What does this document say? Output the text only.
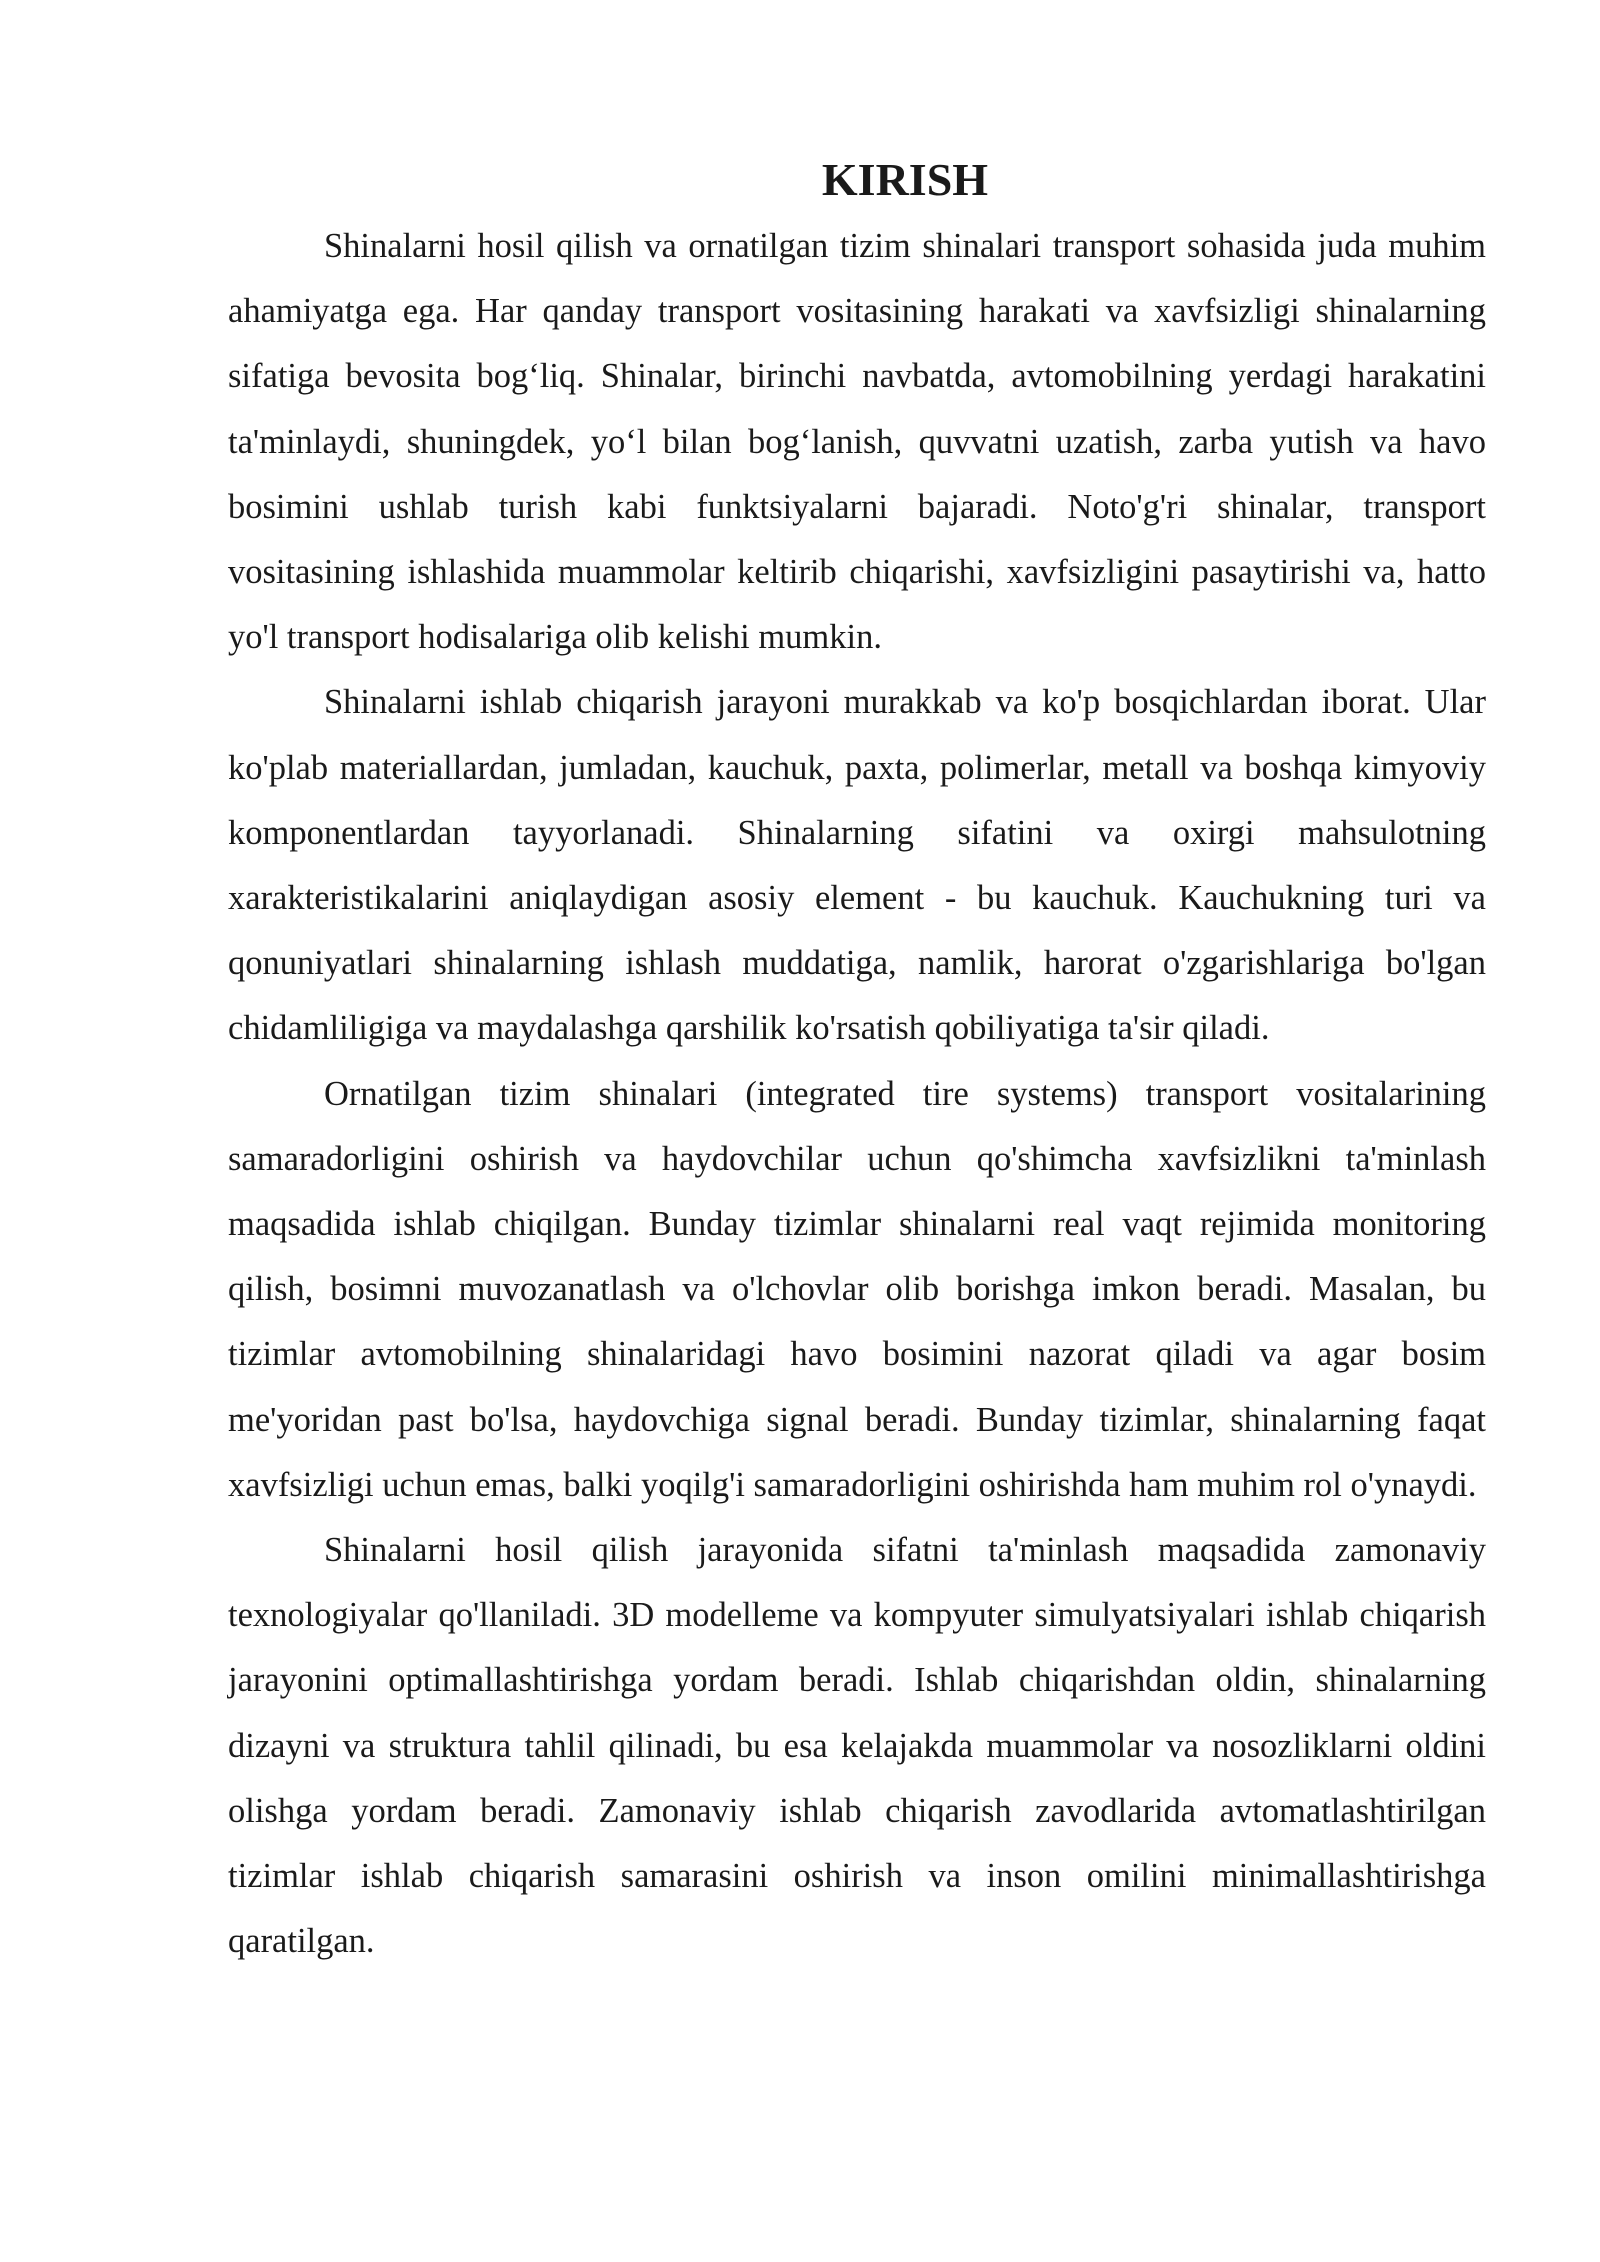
KIRISH

Shinalarni hosil qilish va ornatilgan tizim shinalari transport sohasida juda muhim ahamiyatga ega. Har qanday transport vositasining harakati va xavfsizligi shinalarning sifatiga bevosita bog‘liq. Shinalar, birinchi navbatda, avtomobilning yerdagi harakatini ta'minlaydi, shuningdek, yo‘l bilan bog‘lanish, quvvatni uzatish, zarba yutish va havo bosimini ushlab turish kabi funktsiyalarni bajaradi. Noto'g'ri shinalar, transport vositasining ishlashida muammolar keltirib chiqarishi, xavfsizligini pasaytirishi va, hatto yo'l transport hodisalariga olib kelishi mumkin.

Shinalarni ishlab chiqarish jarayoni murakkab va ko'p bosqichlardan iborat. Ular ko'plab materiallardan, jumladan, kauchuk, paxta, polimerlar, metall va boshqa kimyoviy komponentlardan tayyorlanadi. Shinalarning sifatini va oxirgi mahsulotning xarakteristikalarini aniqlaydigan asosiy element - bu kauchuk. Kauchukning turi va qonuniyatlari shinalarning ishlash muddatiga, namlik, harorat o'zgarishlariga bo'lgan chidamliligiga va maydalashga qarshilik ko'rsatish qobiliyatiga ta'sir qiladi.

Ornatilgan tizim shinalari (integrated tire systems) transport vositalarining samaradorligini oshirish va haydovchilar uchun qo'shimcha xavfsizlikni ta'minlash maqsadida ishlab chiqilgan. Bunday tizimlar shinalarni real vaqt rejimida monitoring qilish, bosimni muvozanatlash va o'lchovlar olib borishga imkon beradi. Masalan, bu tizimlar avtomobilning shinalaridagi havo bosimini nazorat qiladi va agar bosim me'yoridan past bo'lsa, haydovchiga signal beradi. Bunday tizimlar, shinalarning faqat xavfsizligi uchun emas, balki yoqilg'i samaradorligini oshirishda ham muhim rol o'ynaydi.

Shinalarni hosil qilish jarayonida sifatni ta'minlash maqsadida zamonaviy texnologiyalar qo'llaniladi. 3D modelleme va kompyuter simulyatsiyalari ishlab chiqarish jarayonini optimallashtirishga yordam beradi. Ishlab chiqarishdan oldin, shinalarning dizayni va struktura tahlil qilinadi, bu esa kelajakda muammolar va nosozliklarni oldini olishga yordam beradi. Zamonaviy ishlab chiqarish zavodlarida avtomatlashtirilgan tizimlar ishlab chiqarish samarasini oshirish va inson omilini minimallashtirishga qaratilgan.
